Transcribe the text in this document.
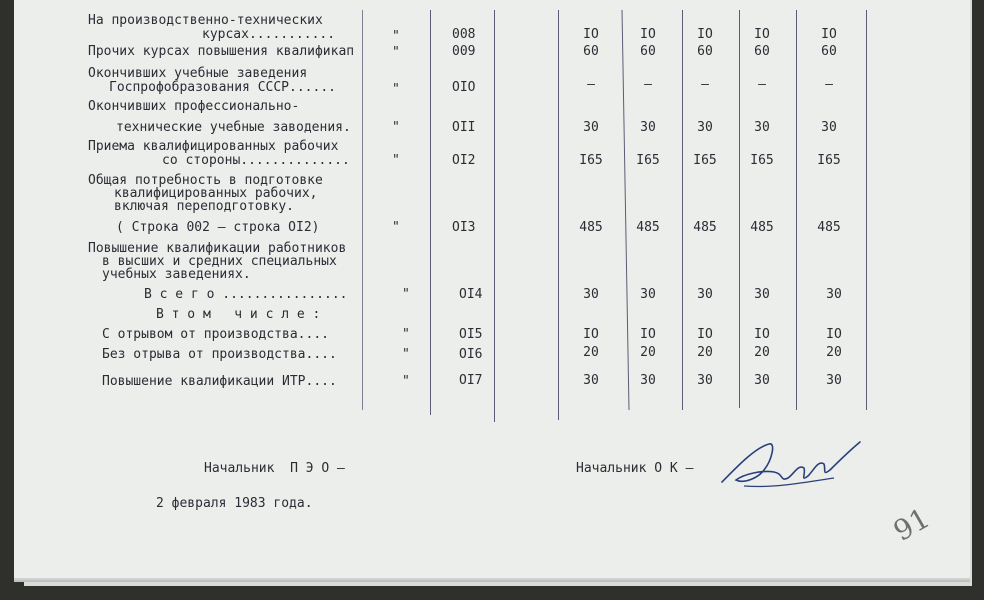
На производственно-технических
курсах...........	"	008	IO	IO	IO	IO	IO
Прочих курсах повышения квалификап	"	009	60	60	60	60	60
Окончивших учебные заведения
Госпрофобразования СССР......	"	OIO	–	–	–	–	–
Окончивших профессионально-
технические учебные заводения.	"	OII	30	30	30	30	30
Приема квалифицированных рабочих
со стороны..............	"	OI2	I65	I65	I65	I65	I65
Общая потребность в подготовке
квалифицированных рабочих,
включая переподготовку.
( Строка 002 – строка OI2)	"	OI3	485	485	485	485	485
Повышение квалификации работников
в высших и средних специальных
учебных заведениях.
В с е г о ................	"	OI4	30	30	30	30	30
В т о м   ч и с л е :
С отрывом от производства....	"	OI5	IO	IO	IO	IO	IO
Без отрыва от производства....	"	OI6	20	20	20	20	20
Повышение квалификации ИТР....	"	OI7	30	30	30	30	30
Начальник  П Э О –
2 февраля 1983 года.
Начальник О К –
91
